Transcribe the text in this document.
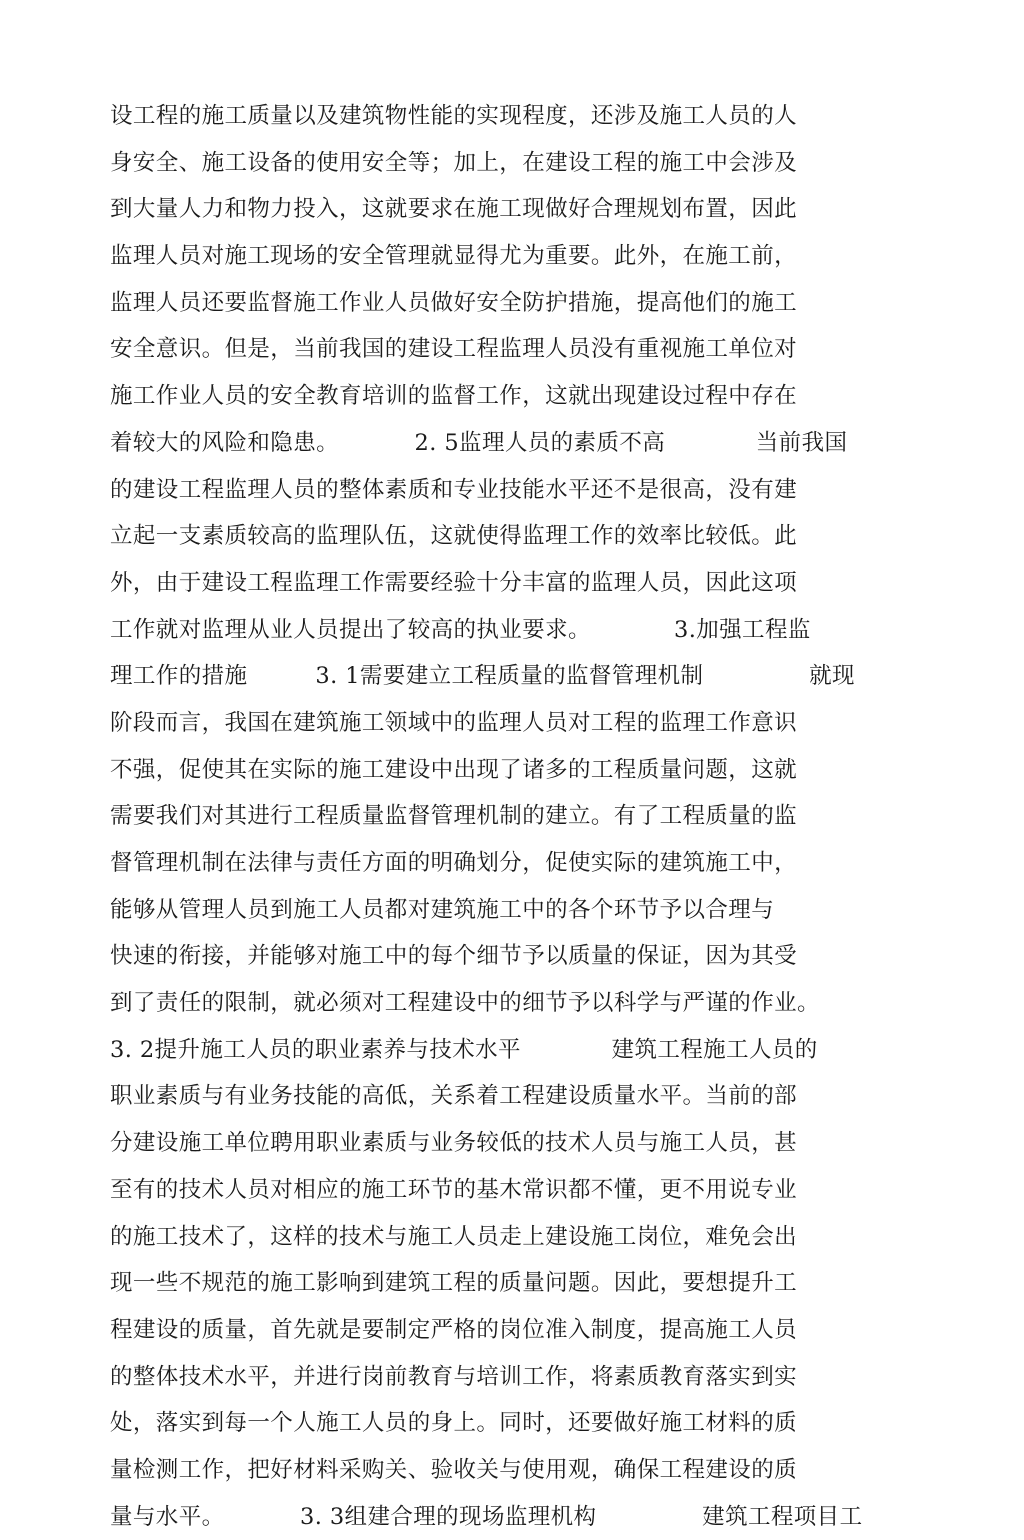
设工程的施工质量以及建筑物性能的实现程度，还涉及施工人员的人
身安全、施工设备的使用安全等；加上，在建设工程的施工中会涉及
到大量人力和物力投入，这就要求在施工现做好合理规划布置，因此
监理人员对施工现场的安全管理就显得尤为重要。此外，在施工前，
监理人员还要监督施工作业人员做好安全防护措施，提高他们的施工
安全意识。但是，当前我国的建设工程监理人员没有重视施工单位对
施工作业人员的安全教育培训的监督工作，这就出现建设过程中存在
着较大的风险和隐患。          2. 5监理人员的素质不高            当前我国
的建设工程监理人员的整体素质和专业技能水平还不是很高，没有建
立起一支素质较高的监理队伍，这就使得监理工作的效率比较低。此
外，由于建设工程监理工作需要经验十分丰富的监理人员，因此这项
工作就对监理从业人员提出了较高的执业要求。           3.加强工程监
理工作的措施         3. 1需要建立工程质量的监督管理机制              就现
阶段而言，我国在建筑施工领域中的监理人员对工程的监理工作意识
不强，促使其在实际的施工建设中出现了诸多的工程质量问题，这就
需要我们对其进行工程质量监督管理机制的建立。有了工程质量的监
督管理机制在法律与责任方面的明确划分，促使实际的建筑施工中，
能够从管理人员到施工人员都对建筑施工中的各个环节予以合理与
快速的衔接，并能够对施工中的每个细节予以质量的保证，因为其受
到了责任的限制，就必须对工程建设中的细节予以科学与严谨的作业。
3. 2提升施工人员的职业素养与技术水平            建筑工程施工人员的
职业素质与有业务技能的高低，关系着工程建设质量水平。当前的部
分建设施工单位聘用职业素质与业务较低的技术人员与施工人员，甚
至有的技术人员对相应的施工环节的基木常识都不懂，更不用说专业
的施工技术了，这样的技术与施工人员走上建设施工岗位，难免会出
现一些不规范的施工影响到建筑工程的质量问题。因此，要想提升工
程建设的质量，首先就是要制定严格的岗位准入制度，提高施工人员
的整体技术水平，并进行岗前教育与培训工作，将素质教育落实到实
处，落实到每一个人施工人员的身上。同时，还要做好施工材料的质
量检测工作，把好材料采购关、验收关与使用观，确保工程建设的质
量与水平。          3. 3组建合理的现场监理机构              建筑工程项目工
